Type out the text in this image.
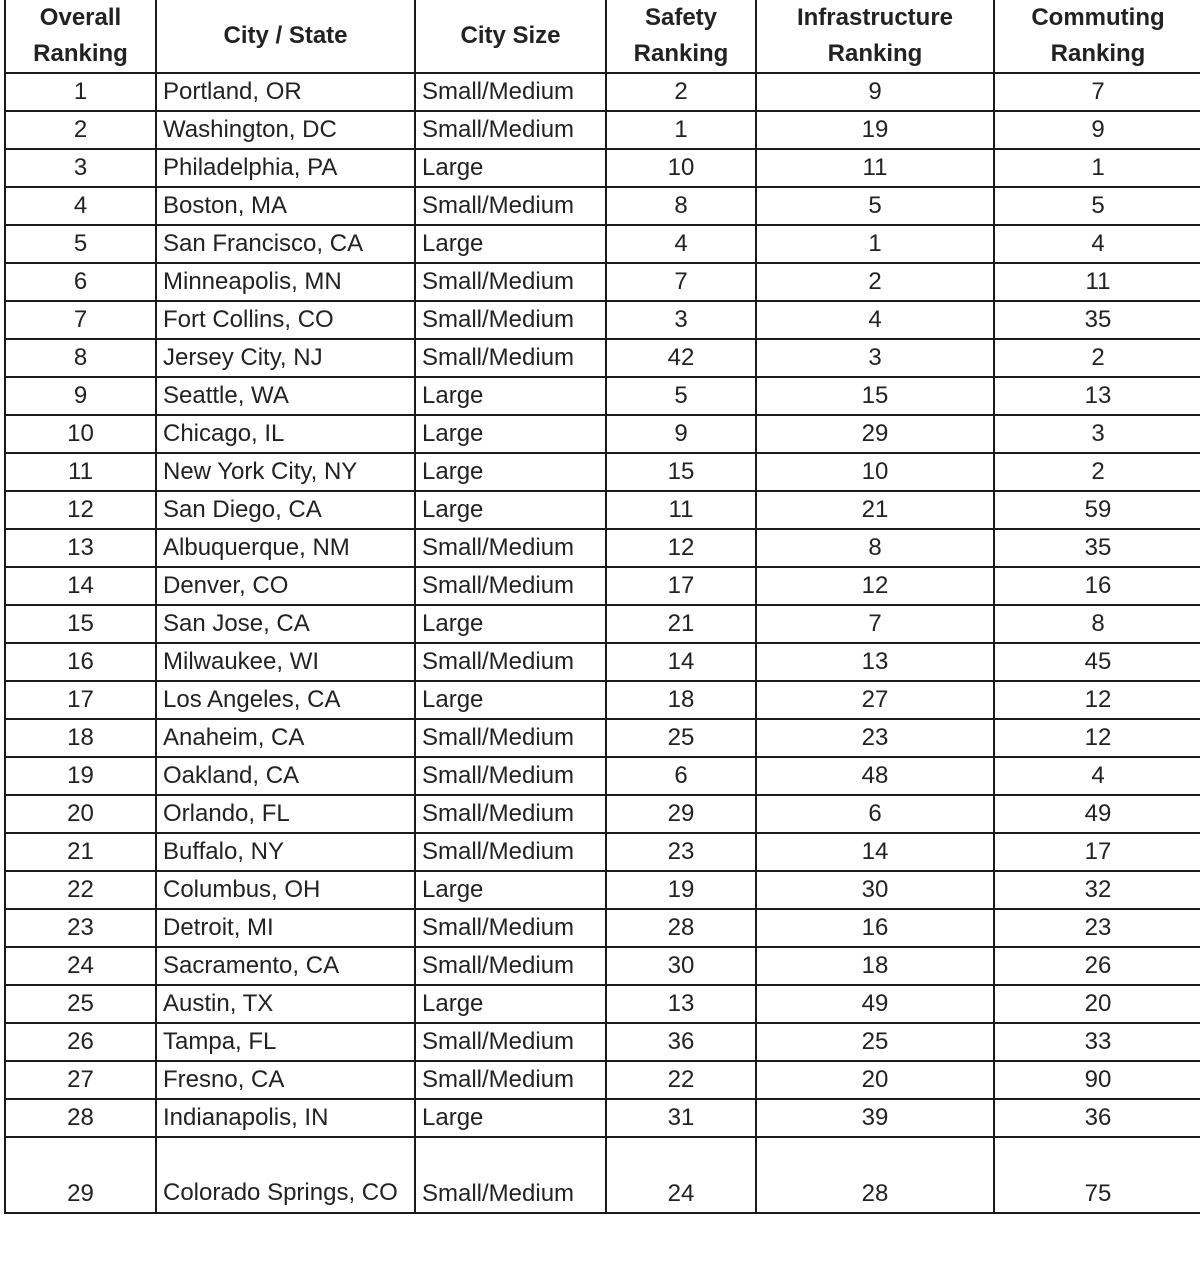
Overall Ranking	City / State	City Size	Safety Ranking	Infrastructure Ranking	Commuting Ranking
1	Portland, OR	Small/Medium	2	9	7
2	Washington, DC	Small/Medium	1	19	9
3	Philadelphia, PA	Large	10	11	1
4	Boston, MA	Small/Medium	8	5	5
5	San Francisco, CA	Large	4	1	4
6	Minneapolis, MN	Small/Medium	7	2	11
7	Fort Collins, CO	Small/Medium	3	4	35
8	Jersey City, NJ	Small/Medium	42	3	2
9	Seattle, WA	Large	5	15	13
10	Chicago, IL	Large	9	29	3
11	New York City, NY	Large	15	10	2
12	San Diego, CA	Large	11	21	59
13	Albuquerque, NM	Small/Medium	12	8	35
14	Denver, CO	Small/Medium	17	12	16
15	San Jose, CA	Large	21	7	8
16	Milwaukee, WI	Small/Medium	14	13	45
17	Los Angeles, CA	Large	18	27	12
18	Anaheim, CA	Small/Medium	25	23	12
19	Oakland, CA	Small/Medium	6	48	4
20	Orlando, FL	Small/Medium	29	6	49
21	Buffalo, NY	Small/Medium	23	14	17
22	Columbus, OH	Large	19	30	32
23	Detroit, MI	Small/Medium	28	16	23
24	Sacramento, CA	Small/Medium	30	18	26
25	Austin, TX	Large	13	49	20
26	Tampa, FL	Small/Medium	36	25	33
27	Fresno, CA	Small/Medium	22	20	90
28	Indianapolis, IN	Large	31	39	36
29	Colorado Springs, CO	Small/Medium	24	28	75
